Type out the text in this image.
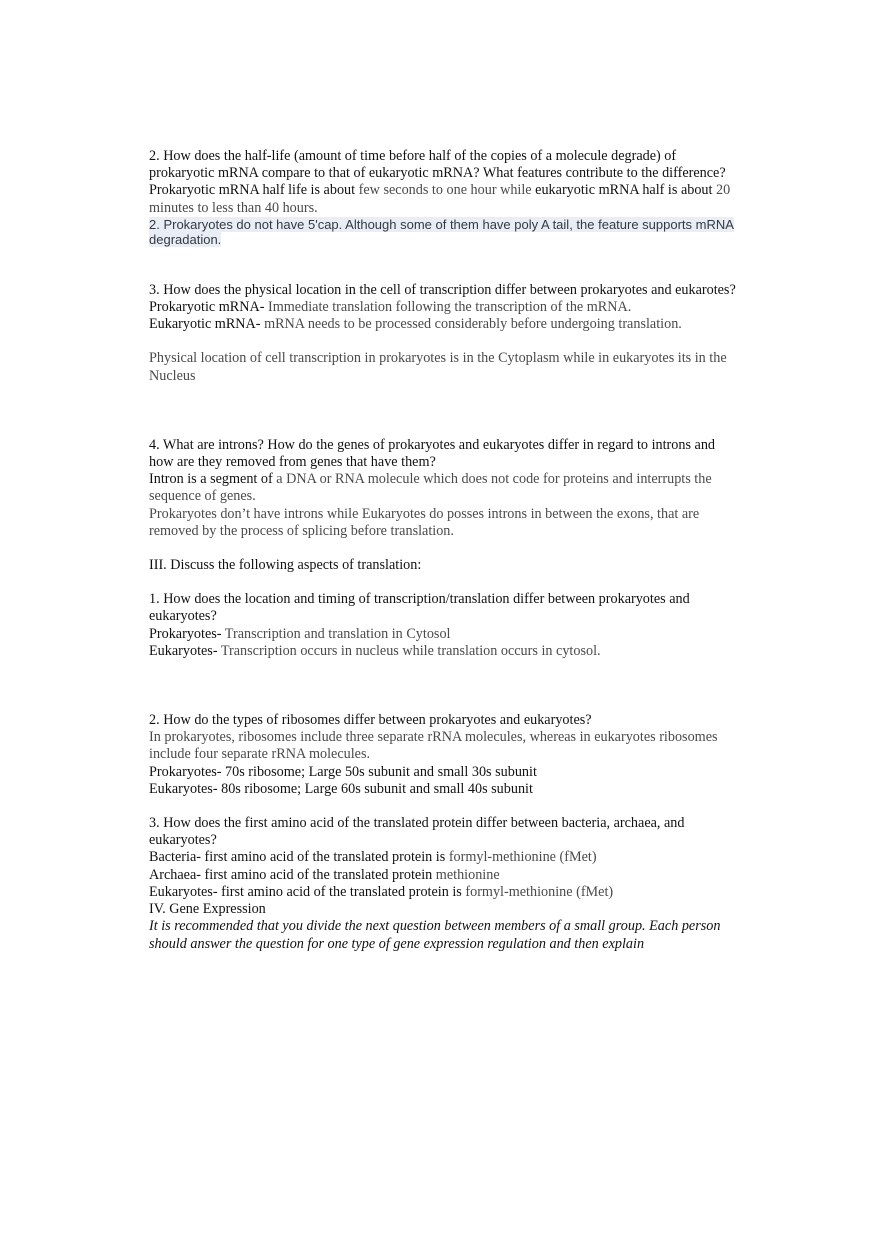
2. How does the half-life (amount of time before half of the copies of a molecule degrade) of prokaryotic mRNA compare to that of eukaryotic mRNA? What features contribute to the difference?

Prokaryotic mRNA half life is about few seconds to one hour while eukaryotic mRNA half is about 20 minutes to less than 40 hours.

2. Prokaryotes do not have 5'cap. Although some of them have poly A tail, the feature supports mRNA degradation.

3. How does the physical location in the cell of transcription differ between prokaryotes and eukarotes?

Prokaryotic mRNA- Immediate translation following the transcription of the mRNA.

Eukaryotic mRNA- mRNA needs to be processed considerably before undergoing translation.

Physical location of cell transcription in prokaryotes is in the Cytoplasm while in eukaryotes its in the Nucleus

4. What are introns? How do the genes of prokaryotes and eukaryotes differ in regard to introns and how are they removed from genes that have them?

Intron is a segment of a DNA or RNA molecule which does not code for proteins and interrupts the sequence of genes.

Prokaryotes don’t have introns while Eukaryotes do posses introns in between the exons, that are removed by the process of splicing before translation.

III. Discuss the following aspects of translation:

1. How does the location and timing of transcription/translation differ between prokaryotes and eukaryotes?

Prokaryotes- Transcription and translation in Cytosol

Eukaryotes- Transcription occurs in nucleus while translation occurs in cytosol.

2. How do the types of ribosomes differ between prokaryotes and eukaryotes?

In prokaryotes, ribosomes include three separate rRNA molecules, whereas in eukaryotes ribosomes include four separate rRNA molecules.

Prokaryotes- 70s ribosome; Large 50s subunit and small 30s subunit

Eukaryotes- 80s ribosome; Large 60s subunit and small 40s subunit

3. How does the first amino acid of the translated protein differ between bacteria, archaea, and eukaryotes?

Bacteria- first amino acid of the translated protein is formyl-methionine (fMet)

Archaea- first amino acid of the translated protein methionine

Eukaryotes- first amino acid of the translated protein is formyl-methionine (fMet)

IV. Gene Expression

It is recommended that you divide the next question between members of a small group. Each person should answer the question for one type of gene expression regulation and then explain
